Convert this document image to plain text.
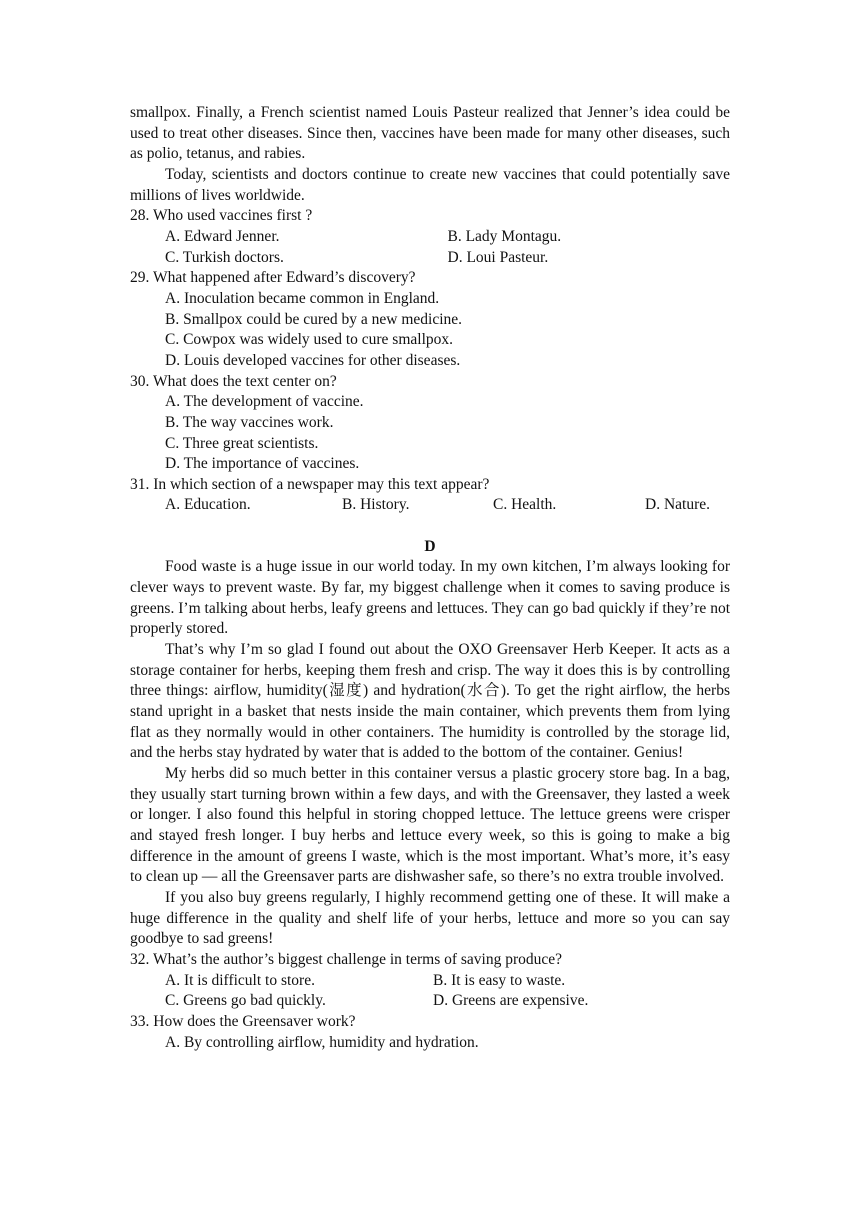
smallpox. Finally, a French scientist named Louis Pasteur realized that Jenner’s idea could be used to treat other diseases. Since then, vaccines have been made for many other diseases, such as polio, tetanus, and rabies.

Today, scientists and doctors continue to create new vaccines that could potentially save millions of lives worldwide.

28. Who used vaccines first ?
A. Edward Jenner.	B. Lady Montagu.
C. Turkish doctors.	D. Loui Pasteur.
29. What happened after Edward’s discovery?
A. Inoculation became common in England.
B. Smallpox could be cured by a new medicine.
C. Cowpox was widely used to cure smallpox.
D. Louis developed vaccines for other diseases.
30. What does the text center on?
A. The development of vaccine.
B. The way vaccines work.
C. Three great scientists.
D. The importance of vaccines.
31. In which section of a newspaper may this text appear?
A. Education.	B. History.	C. Health.	D. Nature.
D

Food waste is a huge issue in our world today. In my own kitchen, I’m always looking for clever ways to prevent waste. By far, my biggest challenge when it comes to saving produce is greens. I’m talking about herbs, leafy greens and lettuces. They can go bad quickly if they’re not properly stored.

That’s why I’m so glad I found out about the OXO Greensaver Herb Keeper. It acts as a storage container for herbs, keeping them fresh and crisp. The way it does this is by controlling three things: airflow, humidity(湿度) and hydration(水合). To get the right airflow, the herbs stand upright in a basket that nests inside the main container, which prevents them from lying flat as they normally would in other containers. The humidity is controlled by the storage lid, and the herbs stay hydrated by water that is added to the bottom of the container. Genius!

My herbs did so much better in this container versus a plastic grocery store bag. In a bag, they usually start turning brown within a few days, and with the Greensaver, they lasted a week or longer. I also found this helpful in storing chopped lettuce. The lettuce greens were crisper and stayed fresh longer. I buy herbs and lettuce every week, so this is going to make a big difference in the amount of greens I waste, which is the most important. What’s more, it’s easy to clean up — all the Greensaver parts are dishwasher safe, so there’s no extra trouble involved.

If you also buy greens regularly, I highly recommend getting one of these. It will make a huge difference in the quality and shelf life of your herbs, lettuce and more so you can say goodbye to sad greens!

32. What’s the author’s biggest challenge in terms of saving produce?
A. It is difficult to store.	B. It is easy to waste.
C. Greens go bad quickly.	D. Greens are expensive.
33. How does the Greensaver work?
A. By controlling airflow, humidity and hydration.
